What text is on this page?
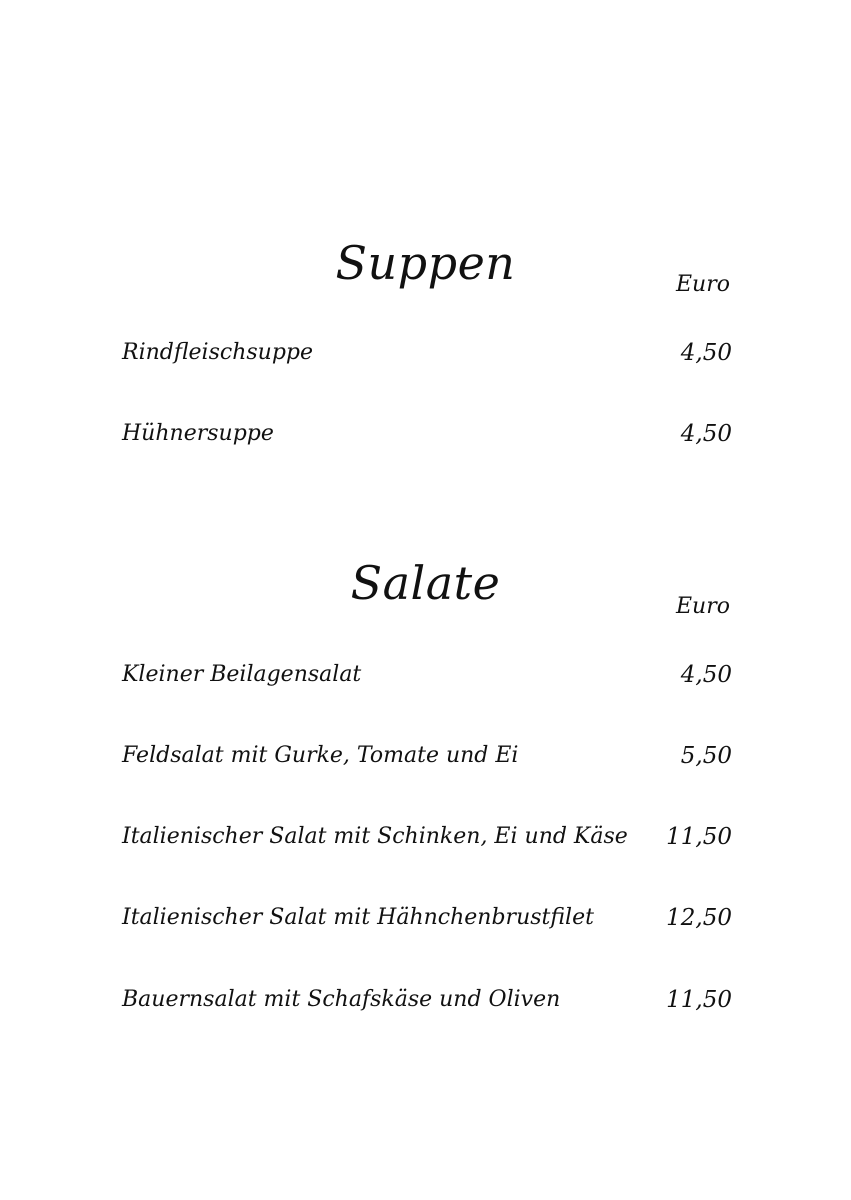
Suppen	Euro
Rindfleischsuppe	4,50
Hühnersuppe	4,50
Salate	Euro
Kleiner Beilagensalat	4,50
Feldsalat mit Gurke, Tomate und Ei	5,50
Italienischer Salat mit Schinken, Ei und Käse 11,50
Italienischer Salat mit Hähnchenbrustfilet	12,50
Bauernsalat mit Schafskäse und Oliven	11,50
